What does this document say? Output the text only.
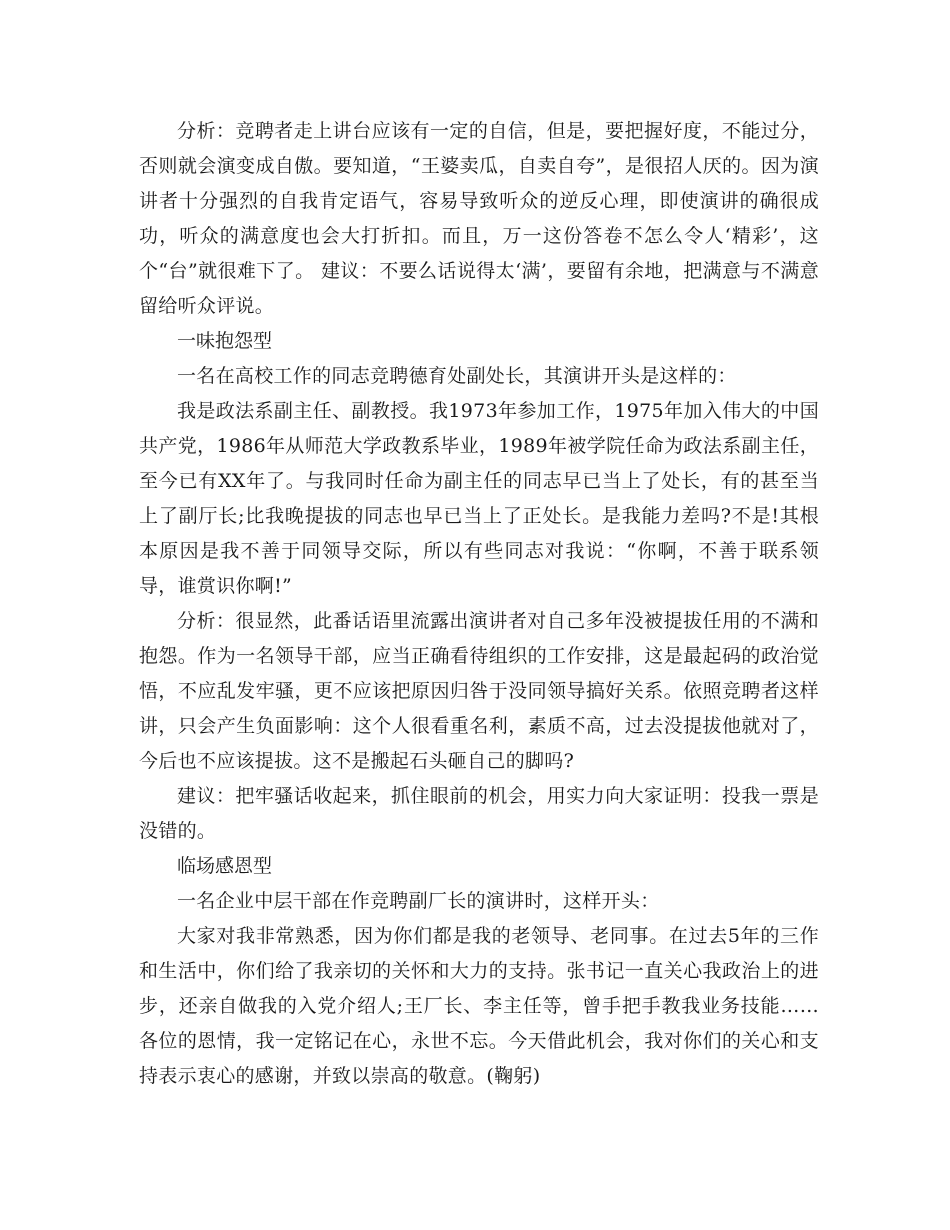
分析：竞聘者走上讲台应该有一定的自信，但是，要把握好度，不能过分，否则就会演变成自傲。要知道，“王婆卖瓜，自卖自夸”，是很招人厌的。因为演讲者十分强烈的自我肯定语气，容易导致听众的逆反心理，即使演讲的确很成功，听众的满意度也会大打折扣。而且，万一这份答卷不怎么令人‘精彩’，这个“台”就很难下了。 建议：不要么话说得太‘满’，要留有余地，把满意与不满意留给听众评说。

一味抱怨型

一名在高校工作的同志竞聘德育处副处长，其演讲开头是这样的：

我是政法系副主任、副教授。我1973年参加工作，1975年加入伟大的中国共产党，1986年从师范大学政教系毕业，1989年被学院任命为政法系副主任，至今已有XX年了。与我同时任命为副主任的同志早已当上了处长，有的甚至当上了副厅长;比我晚提拔的同志也早已当上了正处长。是我能力差吗?不是!其根本原因是我不善于同领导交际，所以有些同志对我说：“你啊，不善于联系领导，谁赏识你啊!”

分析：很显然，此番话语里流露出演讲者对自己多年没被提拔任用的不满和抱怨。作为一名领导干部，应当正确看待组织的工作安排，这是最起码的政治觉悟，不应乱发牢骚，更不应该把原因归咎于没同领导搞好关系。依照竞聘者这样讲，只会产生负面影响：这个人很看重名利，素质不高，过去没提拔他就对了，今后也不应该提拔。这不是搬起石头砸自己的脚吗?

建议：把牢骚话收起来，抓住眼前的机会，用实力向大家证明：投我一票是没错的。

临场感恩型

一名企业中层干部在作竞聘副厂长的演讲时，这样开头：

大家对我非常熟悉，因为你们都是我的老领导、老同事。在过去5年的三作和生活中，你们给了我亲切的关怀和大力的支持。张书记一直关心我政治上的进步，还亲自做我的入党介绍人;王厂长、李主任等，曾手把手教我业务技能……各位的恩情，我一定铭记在心，永世不忘。今天借此机会，我对你们的关心和支持表示衷心的感谢，并致以崇高的敬意。(鞠躬)
